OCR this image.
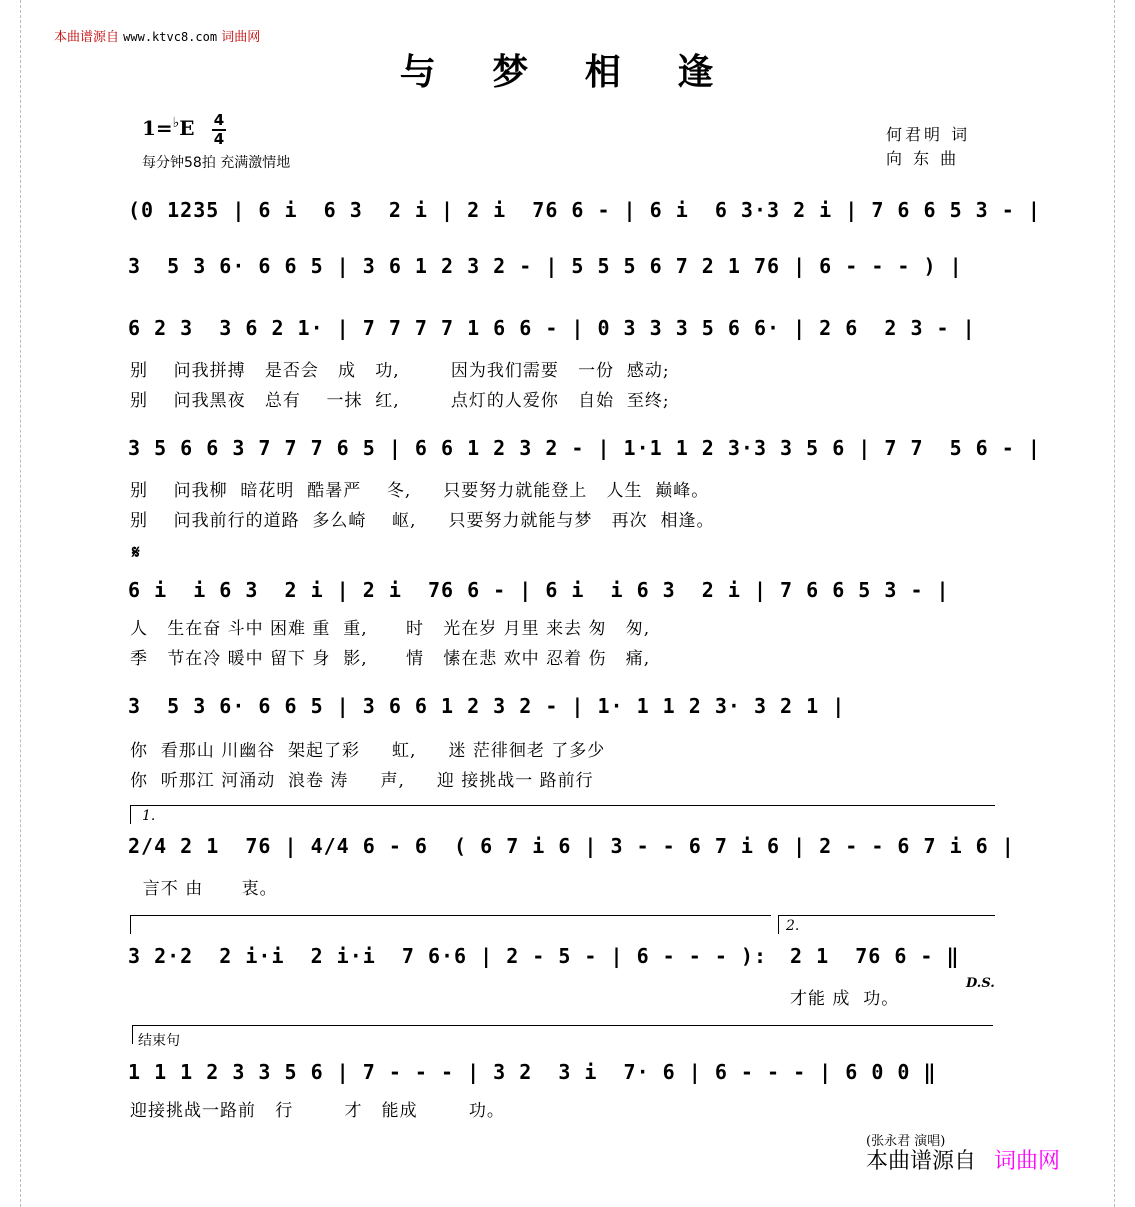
本曲谱源自 www.ktvc8.com 词曲网
与 梦 相 逢
1=♭E 4
4
每分钟58拍 充满激情地
何君明 词
向 东 曲
(0 1235 | 6 i  6 3  2 i | 2 i  76 6 - | 6 i  6 3·3 2 i | 7 6 6 5 3 - |
3  5 3 6· 6 6 5 | 3 6 1 2 3 2 - | 5 5 5 6 7 2 1 76 | 6 - - - ) |
6 2 3  3 6 2 1· | 7 7 7 7 1 6 6 - | 0 3 3 3 5 6 6· | 2 6  2 3 - |
别    问我拼搏   是否会   成   功,        因为我们需要   一份  感动;
别    问我黑夜   总有    一抹  红,        点灯的人爱你   自始  至终;
3 5 6 6 3 7 7 7 6 5 | 6 6 1 2 3 2 - | 1·1 1 2 3·3 3 5 6 | 7 7  5 6 - |
别    问我柳  暗花明  酷暑严    冬,     只要努力就能登上   人生  巅峰。
别    问我前行的道路  多么崎    岖,     只要努力就能与梦   再次  相逢。
𝄋
6 i  i 6 3  2 i | 2 i  76 6 - | 6 i  i 6 3  2 i | 7 6 6 5 3 - |
人   生在奋 斗中 困难 重  重,      时   光在岁 月里 来去 匆   匆,
季   节在冷 暖中 留下 身  影,      情   愫在悲 欢中 忍着 伤   痛,
3  5 3 6· 6 6 5 | 3 6 6 1 2 3 2 - | 1· 1 1 2 3· 3 2 1 |
你  看那山 川幽谷  架起了彩     虹,     迷 茫徘徊老 了多少
你  听那江 河涌动  浪卷 涛     声,     迎 接挑战一 路前行
1.
2/4 2 1  76 | 4/4 6 - 6  ( 6 7 i 6 | 3 - - 6 7 i 6 | 2 - - 6 7 i 6 |
言不 由      衷。
2.
3 2·2  2 i·i  2 i·i  7 6·6 | 2 - 5 - | 6 - - - ): 2 1  76 6 - ‖
才能 成  功。
D.S.
结束句
1 1 1 2 3 3 5 6 | 7 - - - | 3 2  3 i  7· 6 | 6 - - - | 6 0 0 ‖
迎接挑战一路前   行        才   能成        功。
(张永君 演唱)
本曲谱源自 词曲网
